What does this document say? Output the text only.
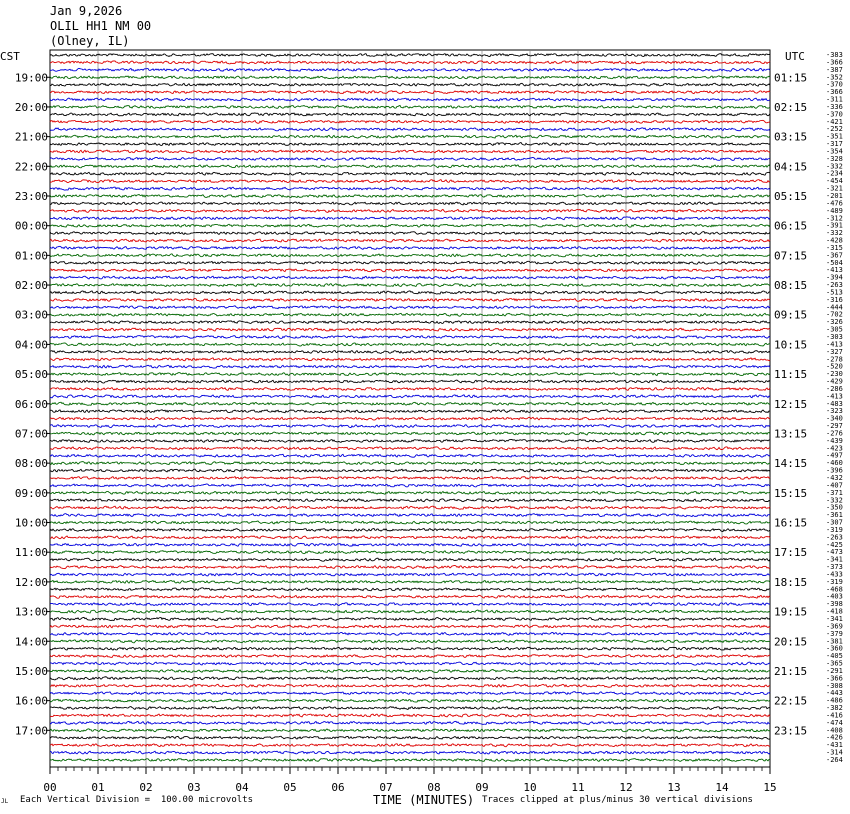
Jan 9,2026
OLIL HH1 NM 00
(Olney, IL)
CST	UTC	-383
-366
-387
-352
-370
-366
-311
-336
-370
-421
-252
-351
-317
-354
-328
-332
-234
-454
-321
-201
-476
-489
-312
-391
-332
-428
-315
-367
-504
-413
-394
-263
-513
-316
-444
-702
-326
-305
-303
-413
-327
-278
-520
-230
-429
-286
-413
-483
-323
-340
-297
-276
-439
-423
-497
-460
-396
-432
-407
-371
-332
-350
-361
-307
-319
-263
-425
-473
-341
-373
-433
-319
-468
-403
-398
-418
-341
-369
-379
-381
-360
-405
-365
-291
-366
-308
-443
-486
-382
-416
-474
-408
-426
-431
-314
-264
19:00
20:00
21:00
22:00
23:00
00:00
01:00
02:00
03:00
04:00
05:00
06:00
07:00
08:00
09:00
10:00
11:00
12:00
13:00
14:00
15:00
16:00
17:00
01:15
02:15
03:15
04:15
05:15
06:15
07:15
08:15
09:15
10:15
11:15
12:15
13:15
14:15
15:15
16:15
17:15
18:15
19:15
20:15
21:15
22:15
23:15
00	01	02	03	04	05	06	07	08	09	10	11	12	13	14	15
JL Each Vertical Division =  100.00 microvolts	TIME (MINUTES) Traces clipped at plus/minus 30 vertical divisions
